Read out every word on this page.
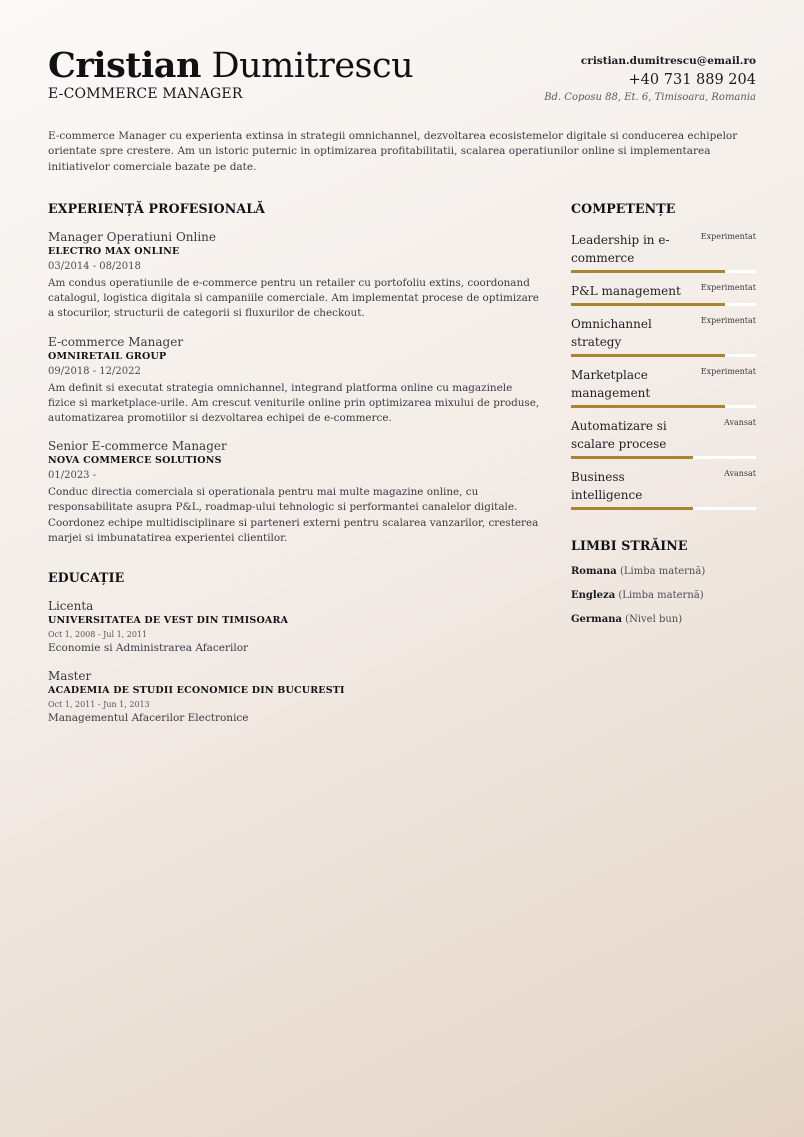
Cristian Dumitrescu
E-COMMERCE MANAGER
cristian.dumitrescu@email.ro
+40 731 889 204
Bd. Coposu 88, Et. 6, Timisoara, Romania
E-commerce Manager cu experienta extinsa in strategii omnichannel, dezvoltarea ecosistemelor digitale si conducerea echipelor orientate spre crestere. Am un istoric puternic in optimizarea profitabilitatii, scalarea operatiunilor online si implementarea initiativelor comerciale bazate pe date.
EXPERIENȚĂ PROFESIONALĂ
Manager Operatiuni Online
ELECTRO MAX ONLINE
03/2014 - 08/2018
Am condus operatiunile de e-commerce pentru un retailer cu portofoliu extins, coordonand catalogul, logistica digitala si campaniile comerciale. Am implementat procese de optimizare a stocurilor, structurii de categorii si fluxurilor de checkout.
E-commerce Manager
OMNIRETAIL GROUP
09/2018 - 12/2022
Am definit si executat strategia omnichannel, integrand platforma online cu magazinele fizice si marketplace-urile. Am crescut veniturile online prin optimizarea mixului de produse, automatizarea promotiilor si dezvoltarea echipei de e-commerce.
Senior E-commerce Manager
NOVA COMMERCE SOLUTIONS
01/2023 -
Conduc directia comerciala si operationala pentru mai multe magazine online, cu responsabilitate asupra P&L, roadmap-ului tehnologic si performantei canalelor digitale. Coordonez echipe multidisciplinare si parteneri externi pentru scalarea vanzarilor, cresterea marjei si imbunatatirea experientei clientilor.
EDUCAȚIE
Licenta
UNIVERSITATEA DE VEST DIN TIMISOARA
Oct 1, 2008 - Jul 1, 2011
Economie si Administrarea Afacerilor
Master
ACADEMIA DE STUDII ECONOMICE DIN BUCURESTI
Oct 1, 2011 - Jun 1, 2013
Managementul Afacerilor Electronice
COMPETENȚE
Leadership in e-commerce
Experimentat
P&L management Experimentat
Omnichannel strategy
Experimentat
Marketplace management
Experimentat
Automatizare si scalare procese
Avansat
Business intelligence
Avansat
LIMBI STRĂINE
Romana (Limba maternă)
Engleza (Limba maternă)
Germana (Nivel bun)
